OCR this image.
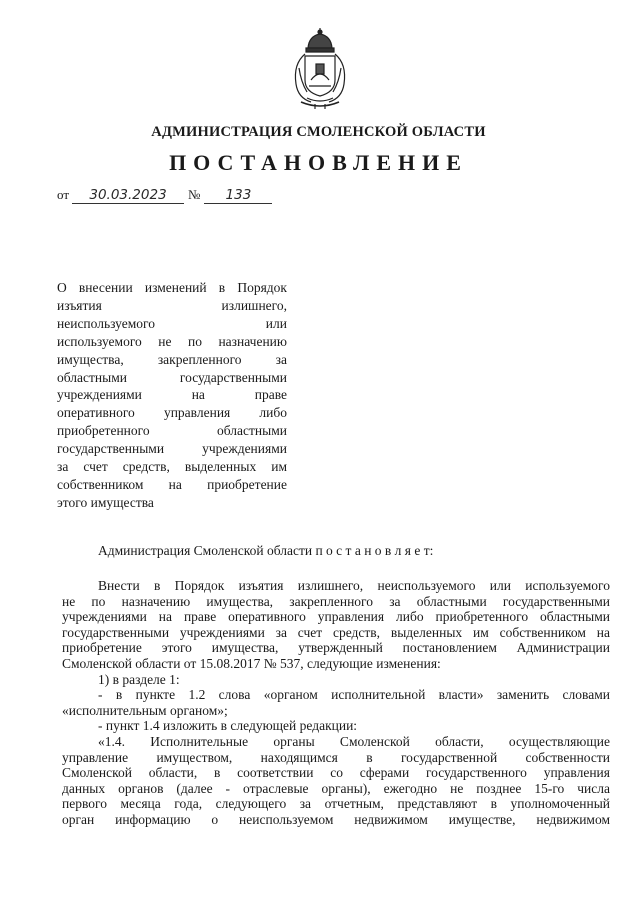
АДМИНИСТРАЦИЯ СМОЛЕНСКОЙ ОБЛАСТИ
ПОСТАНОВЛЕНИЕ
от 30.03.2023 № 133

О внесении изменений в Порядок
изъятия излишнего,
неиспользуемого или
используемого не по назначению
имущества, закрепленного за
областными государственными
учреждениями на праве
оперативного управления либо
приобретенного областными
государственными учреждениями
за счет средств, выделенных им
собственником на приобретение
этого имущества

Администрация Смоленской области п о с т а н о в л я е т:
Внести в Порядок изъятия излишнего, неиспользуемого или используемого
не по назначению имущества, закрепленного за областными государственными
учреждениями на праве оперативного управления либо приобретенного областными
государственными учреждениями за счет средств, выделенных им собственником на
приобретение этого имущества, утвержденный постановлением Администрации
Смоленской области от 15.08.2017 № 537, следующие изменения:
1) в разделе 1:
- в пункте 1.2 слова «органом исполнительной власти» заменить словами
«исполнительным органом»;
- пункт 1.4 изложить в следующей редакции:
«1.4. Исполнительные органы Смоленской области, осуществляющие
управление имуществом, находящимся в государственной собственности
Смоленской области, в соответствии со сферами государственного управления
данных органов (далее - отраслевые органы), ежегодно не позднее 15-го числа
первого месяца года, следующего за отчетным, представляют в уполномоченный
орган информацию о неиспользуемом недвижимом имуществе, недвижимом
